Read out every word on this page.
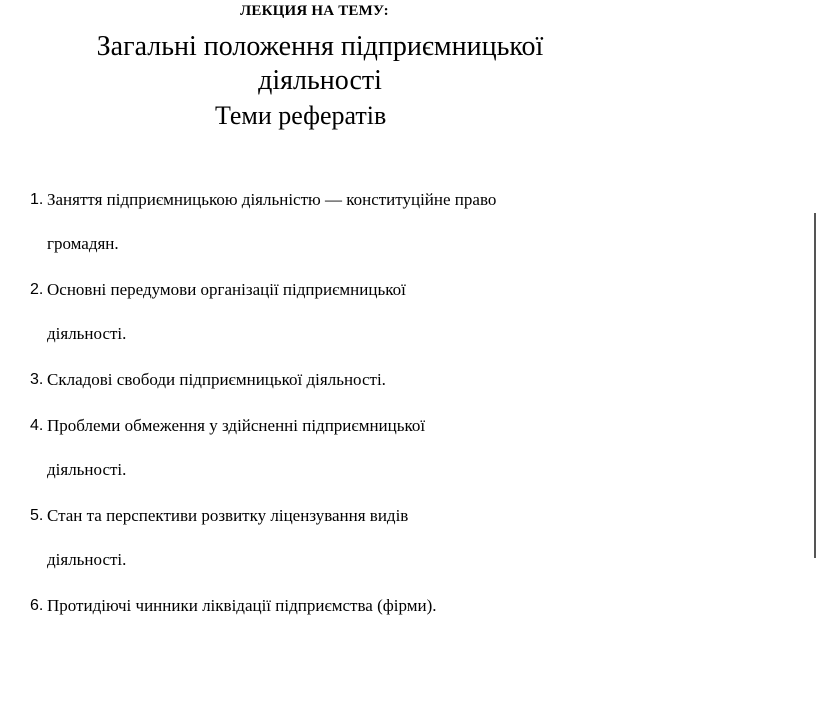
ЛЕКЦИЯ НА ТЕМУ:
Загальні положення підприємницької
діяльності
Теми рефератів
1. Заняття підприємницькою діяльністю — конституційне право
громадян.
2. Основні передумови організації підприємницької
діяльності.
3. Складові свободи підприємницької діяльності.
4. Проблеми обмеження у здійсненні підприємницької
діяльності.
5. Стан та перспективи розвитку ліцензування видів
діяльності.
6. Протидіючі чинники ліквідації підприємства (фірми).
